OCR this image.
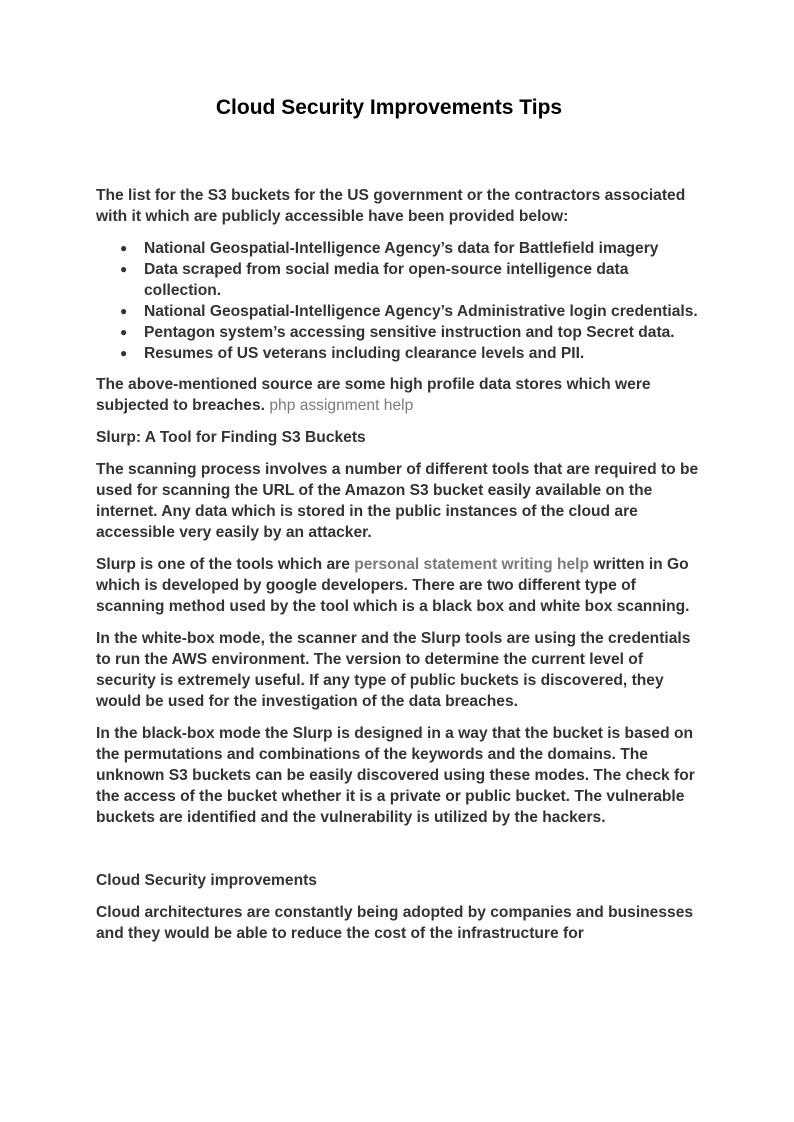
Cloud Security Improvements Tips

The list for the S3 buckets for the US government or the contractors associated with it which are publicly accessible have been provided below:

● National Geospatial-Intelligence Agency’s data for Battlefield imagery
● Data scraped from social media for open-source intelligence data collection.
● National Geospatial-Intelligence Agency’s Administrative login credentials.
● Pentagon system’s accessing sensitive instruction and top Secret data.
● Resumes of US veterans including clearance levels and PII.

The above-mentioned source are some high profile data stores which were subjected to breaches. php assignment help

Slurp: A Tool for Finding S3 Buckets

The scanning process involves a number of different tools that are required to be used for scanning the URL of the Amazon S3 bucket easily available on the internet. Any data which is stored in the public instances of the cloud are accessible very easily by an attacker.

Slurp is one of the tools which are personal statement writing help written in Go which is developed by google developers. There are two different type of scanning method used by the tool which is a black box and white box scanning.

In the white-box mode, the scanner and the Slurp tools are using the credentials to run the AWS environment. The version to determine the current level of security is extremely useful. If any type of public buckets is discovered, they would be used for the investigation of the data breaches.

In the black-box mode the Slurp is designed in a way that the bucket is based on the permutations and combinations of the keywords and the domains. The unknown S3 buckets can be easily discovered using these modes. The check for the access of the bucket whether it is a private or public bucket. The vulnerable buckets are identified and the vulnerability is utilized by the hackers.

Cloud Security improvements

Cloud architectures are constantly being adopted by companies and businesses and they would be able to reduce the cost of the infrastructure for
